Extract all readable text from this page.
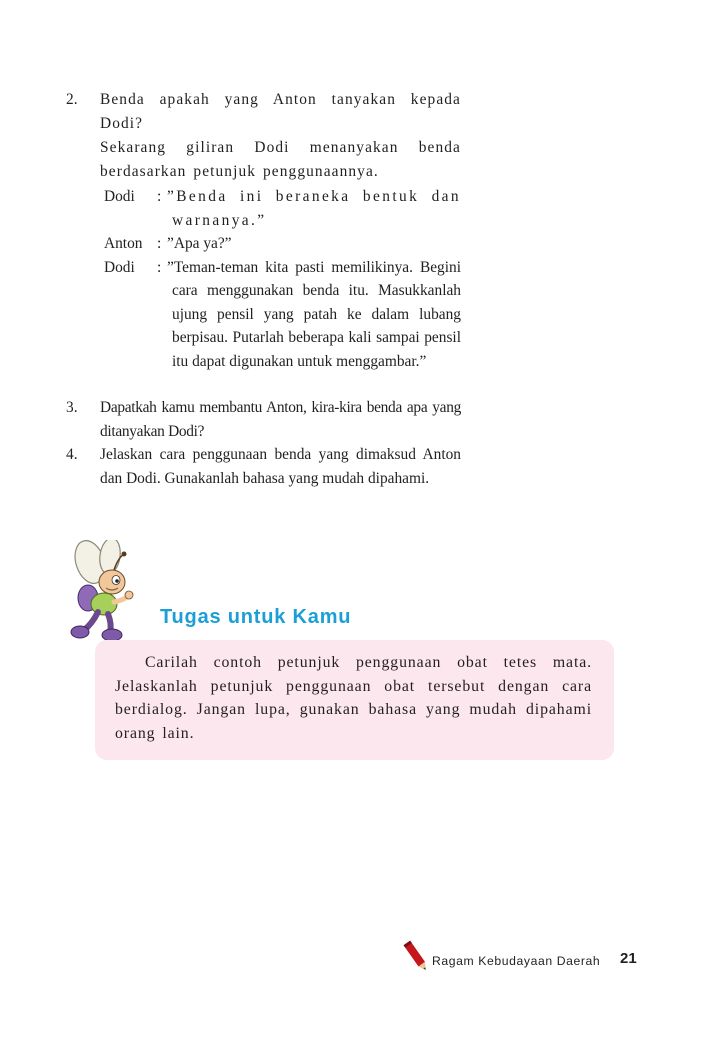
2. Benda apakah yang Anton tanyakan kepada Dodi?

Sekarang giliran Dodi menanyakan benda berdasarkan petunjuk penggunaannya.

Dodi : ”Benda ini beraneka bentuk dan warnanya.”
Anton : ”Apa ya?”
Dodi : ”Teman-teman kita pasti memilikinya. Begini cara menggunakan benda itu. Masukkanlah ujung pensil yang patah ke dalam lubang berpisau. Putarlah beberapa kali sampai pensil itu dapat digunakan untuk menggambar.”
3. Dapatkah kamu membantu Anton, kira-kira benda apa yang ditanyakan Dodi?

4. Jelaskan cara penggunaan benda yang dimaksud Anton dan Dodi. Gunakanlah bahasa yang mudah dipahami.

Tugas untuk Kamu

Carilah contoh petunjuk penggunaan obat tetes mata. Jelaskanlah petunjuk penggunaan obat tersebut dengan cara berdialog. Jangan lupa, gunakan bahasa yang mudah dipahami orang lain.

Ragam Kebudayaan Daerah 21
